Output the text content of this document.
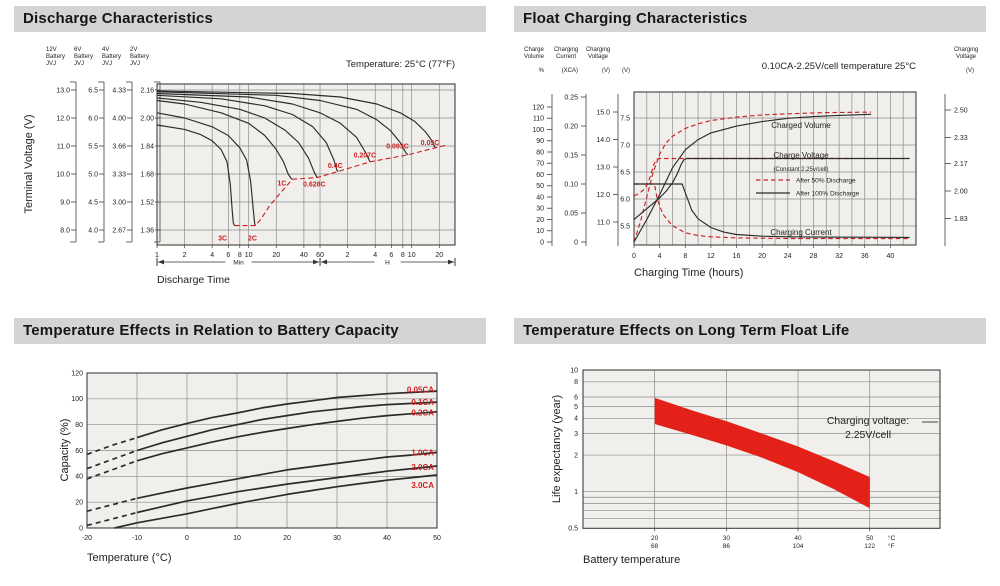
Discharge Characteristics	Float Charging Characteristics
Temperature Effects in Relation to Battery Capacity	Temperature Effects on Long Term Float Life
12V
Battery
JVJ
13.0
12.0
11.0
10.0
9.0
8.0
6V
Battery
JVJ
6.5
6.0
5.5
5.0
4.5
4.0
4V
Battery
JVJ
4.33
4.00
3.66
3.33
3.00
2.67
2V
Battery
JVJ
2.16
2.00
1.84
1.68
1.52
1.36
3C	2C
1C 0.628C
0.4C
0.207C
0.093C 0.05C
1	2	4 6 8 10	20	40 60	2	4 6 8 10	20
Min	H
Discharge Time
Temperature: 25°C (77°F)
Terminal Voltage (V)
Charge
Volume
%
120
110
100
90
80
70
60
50
40
30
20
10
0
Charging
Current
(XCA)
0.25
0.20
0.15
0.10
0.05
0
Charging
Voltage
(V)
15.0
14.0
13.0
12.0
11.0
7.5
7.0
6.5
6.0
5.5
(V)
Charging
Voltage
(V)
2.50
2.33
2.17
2.00
1.83
Charged Volume
Charge Voltage
(Constant 2.25v/cell)
Charging Current
After 50% Discharge
After 100% Discharge
0	4	8	12	16	20	24	28	32	36	40
Charging Time (hours)
0.10CA-2.25V/cell temperature 25°C
0.05CA
0.1CA
0.2CA
1.0CA
2.0CA
3.0CA
0
20
40
60
80
100
120
-20	-10	0	10	20	30	40	50
Capacity (%)
Temperature (°C)
Charging voltage:
2.25V/cell
10
8
6
5
4
3
2
1
0.5
20
68
30
86
40
104
50
122
°C
°F
Life expectancy (year)
Battery temperature
